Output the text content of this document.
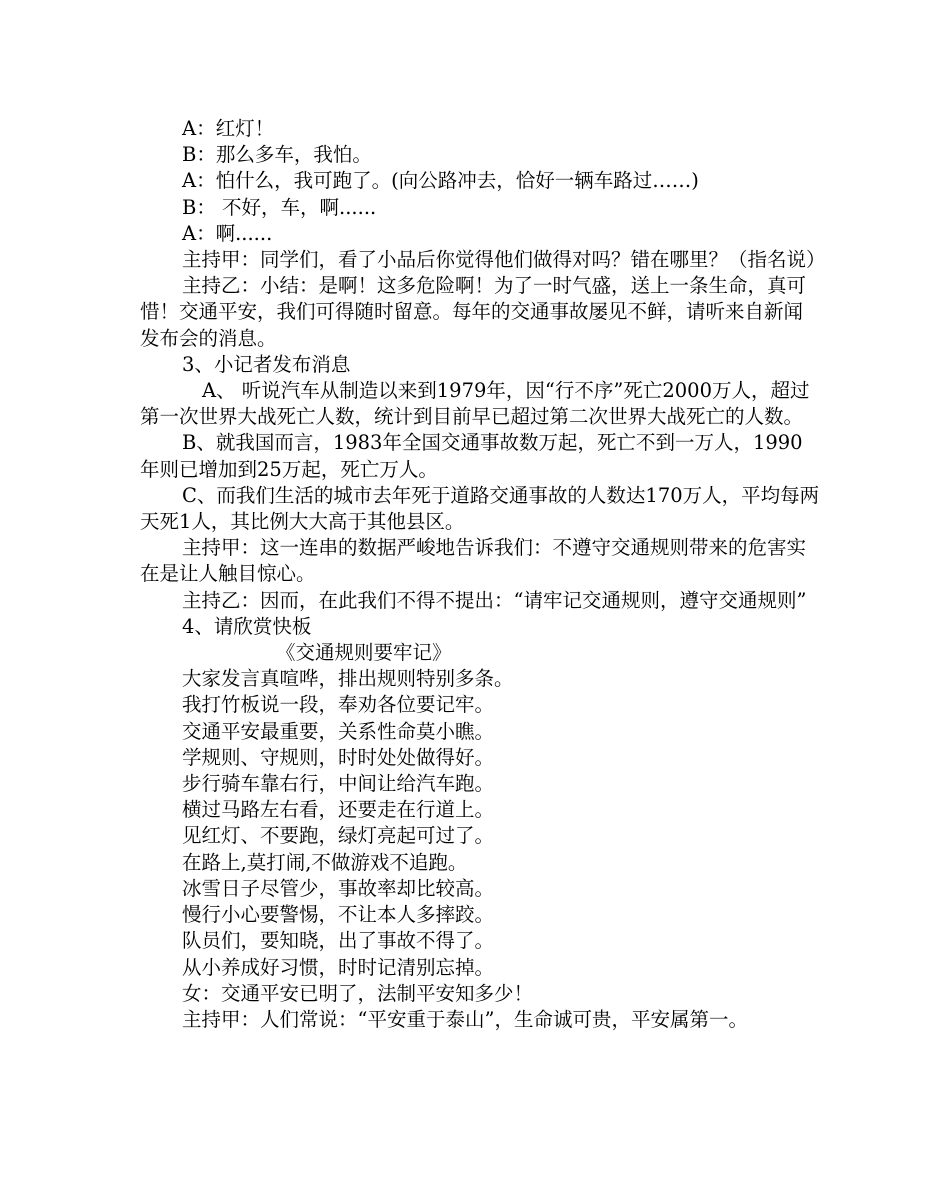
A：红灯！

B：那么多车，我怕。

A：怕什么，我可跑了。(向公路冲去，恰好一辆车路过……)

B： 不好，车，啊......

A：啊......

主持甲：同学们，看了小品后你觉得他们做得对吗？错在哪里？（指名说）

主持乙：小结：是啊！这多危险啊！为了一时气盛，送上一条生命，真可惜！交通平安，我们可得随时留意。每年的交通事故屡见不鲜，请听来自新闻发布会的消息。

3、小记者发布消息

A、 听说汽车从制造以来到1979年，因“行不序”死亡2000万人，超过第一次世界大战死亡人数，统计到目前早已超过第二次世界大战死亡的人数。

B、就我国而言，1983年全国交通事故数万起，死亡不到一万人，1990年则已增加到25万起，死亡万人。

C、而我们生活的城市去年死于道路交通事故的人数达170万人，平均每两天死1人，其比例大大高于其他县区。

主持甲：这一连串的数据严峻地告诉我们：不遵守交通规则带来的危害实在是让人触目惊心。

主持乙：因而，在此我们不得不提出：“请牢记交通规则，遵守交通规则”

4、请欣赏快板

《交通规则要牢记》

大家发言真喧哗，排出规则特别多条。

我打竹板说一段，奉劝各位要记牢。

交通平安最重要，关系性命莫小瞧。

学规则、守规则，时时处处做得好。

步行骑车靠右行，中间让给汽车跑。

横过马路左右看，还要走在行道上。

见红灯、不要跑，绿灯亮起可过了。

在路上,莫打闹,不做游戏不追跑。

冰雪日子尽管少，事故率却比较高。

慢行小心要警惕，不让本人多摔跤。

队员们，要知晓，出了事故不得了。

从小养成好习惯，时时记清别忘掉。

女：交通平安已明了，法制平安知多少！

主持甲：人们常说：“平安重于泰山”，生命诚可贵，平安属第一。
